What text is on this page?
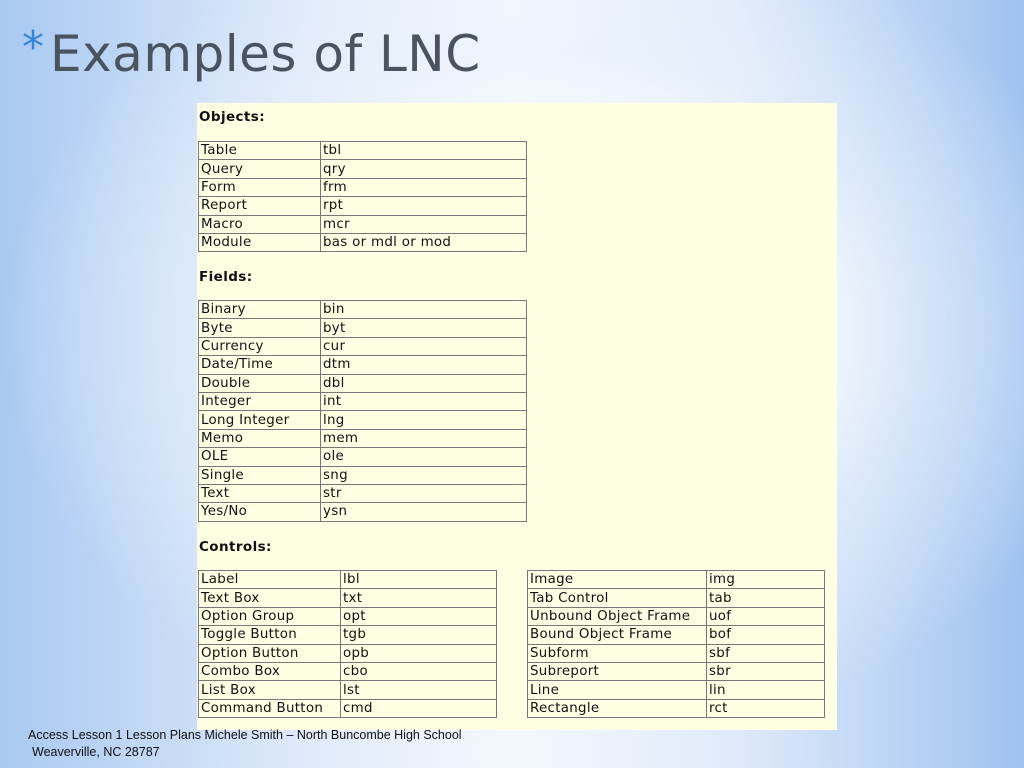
* Examples of LNC
Objects:
Table	tbl
Query	qry
Form	frm
Report	rpt
Macro	mcr
Module	bas or mdl or mod
Fields:
Binary	bin
Byte	byt
Currency	cur
Date/Time	dtm
Double	dbl
Integer	int
Long Integer	lng
Memo	mem
OLE	ole
Single	sng
Text	str
Yes/No	ysn
Controls:
Label	lbl
Text Box	txt
Option Group	opt
Toggle Button	tgb
Option Button	opb
Combo Box	cbo
List Box	lst
Command Button	cmd
Image	img
Tab Control	tab
Unbound Object Frame	uof
Bound Object Frame	bof
Subform	sbf
Subreport	sbr
Line	lin
Rectangle	rct
Access Lesson 1 Lesson Plans Michele Smith – North Buncombe High School
Weaverville, NC 28787
